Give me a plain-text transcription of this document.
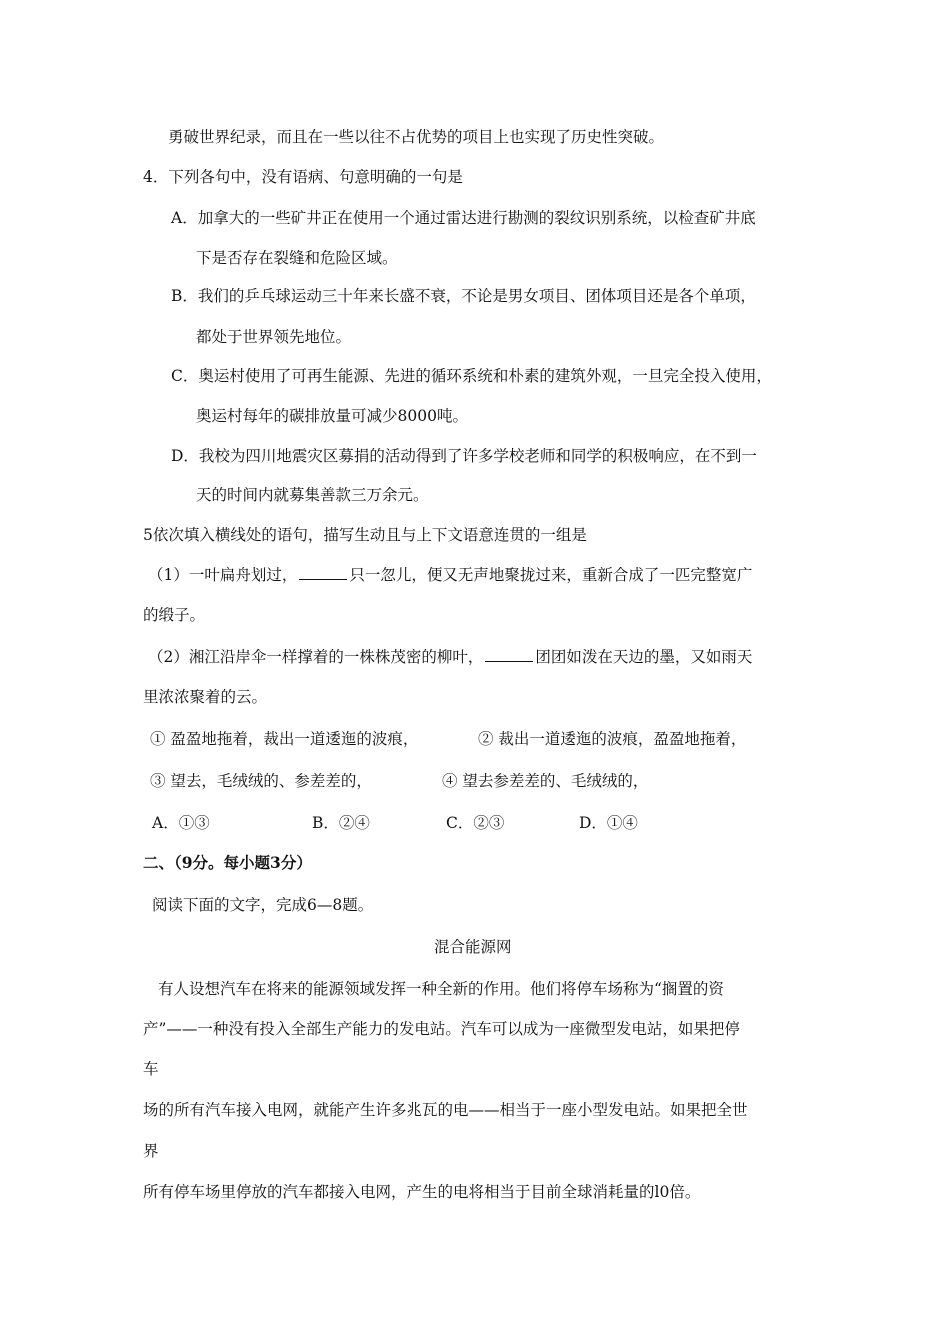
勇破世界纪录，而且在一些以往不占优势的项目上也实现了历史性突破。
4．下列各句中，没有语病、句意明确的一句是
A．加拿大的一些矿井正在使用一个通过雷达进行勘测的裂纹识别系统，以检查矿井底
下是否存在裂缝和危险区域。
B．我们的乒乓球运动三十年来长盛不衰，不论是男女项目、团体项目还是各个单项，
都处于世界领先地位。
C．奥运村使用了可再生能源、先进的循环系统和朴素的建筑外观，一旦完全投入使用，
奥运村每年的碳排放量可减少8000吨。
D．我校为四川地震灾区募捐的活动得到了许多学校老师和同学的积极响应，在不到一
天的时间内就募集善款三万余元。
5依次填入横线处的语句，描写生动且与上下文语意连贯的一组是
（1）一叶扁舟划过，	只一忽儿，便又无声地聚拢过来，重新合成了一匹完整宽广
的缎子。
（2）湘江沿岸伞一样撑着的一株株茂密的柳叶，	团团如泼在天边的墨，又如雨天
里浓浓聚着的云。
① 盈盈地拖着，裁出一道逶迤的波痕，	② 裁出一道逶迤的波痕，盈盈地拖着，
③ 望去，毛绒绒的、参差差的，	④ 望去参差差的、毛绒绒的，
A．①③	B．②④	C．②③	D．①④
二、（9分。每小题3分）
阅读下面的文字，完成6—8题。
混合能源网
有人设想汽车在将来的能源领域发挥一种全新的作用。他们将停车场称为“搁置的资
产”——一种没有投入全部生产能力的发电站。汽车可以成为一座微型发电站，如果把停
车
场的所有汽车接入电网，就能产生许多兆瓦的电——相当于一座小型发电站。如果把全世
界
所有停车场里停放的汽车都接入电网，产生的电将相当于目前全球消耗量的l0倍。
